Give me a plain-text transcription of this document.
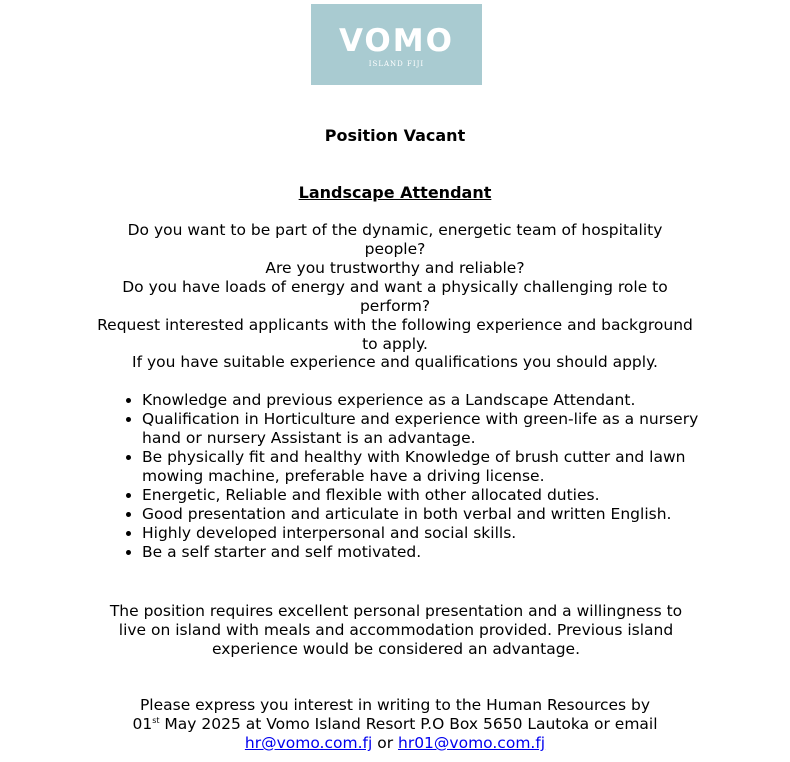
VOMO
ISLAND FIJI
Position Vacant
Landscape Attendant
Do you want to be part of the dynamic, energetic team of hospitality people?
Are you trustworthy and reliable?
Do you have loads of energy and want a physically challenging role to perform?
Request interested applicants with the following experience and background to apply.
If you have suitable experience and qualifications you should apply.
• Knowledge and previous experience as a Landscape Attendant.
• Qualification in Horticulture and experience with green-life as a nursery hand or nursery Assistant is an advantage.
• Be physically fit and healthy with Knowledge of brush cutter and lawn mowing machine, preferable have a driving license.
• Energetic, Reliable and flexible with other allocated duties.
• Good presentation and articulate in both verbal and written English.
• Highly developed interpersonal and social skills.
• Be a self starter and self motivated.
The position requires excellent personal presentation and a willingness to live on island with meals and accommodation provided. Previous island experience would be considered an advantage.
Please express you interest in writing to the Human Resources by
01st May 2025 at Vomo Island Resort P.O Box 5650 Lautoka or email
hr@vomo.com.fj or hr01@vomo.com.fj
